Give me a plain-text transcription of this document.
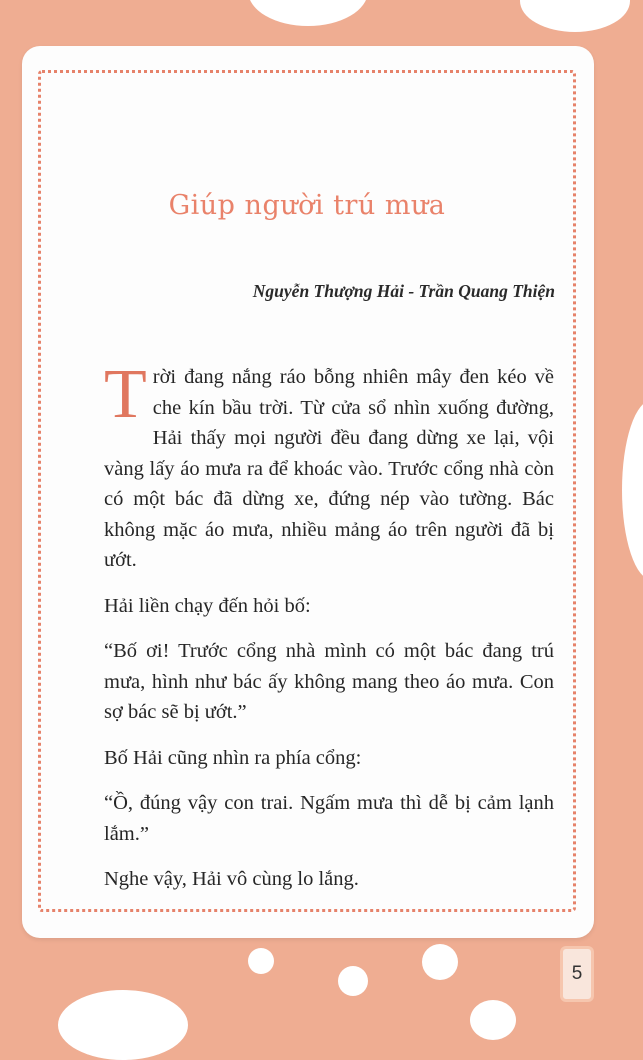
Giúp người trú mưa

Nguyễn Thượng Hải - Trần Quang Thiện

Trời đang nắng ráo bỗng nhiên mây đen kéo về che kín bầu trời. Từ cửa sổ nhìn xuống đường, Hải thấy mọi người đều đang dừng xe lại, vội vàng lấy áo mưa ra để khoác vào. Trước cổng nhà còn có một bác đã dừng xe, đứng nép vào tường. Bác không mặc áo mưa, nhiều mảng áo trên người đã bị ướt.

Hải liền chạy đến hỏi bố:

“Bố ơi! Trước cổng nhà mình có một bác đang trú mưa, hình như bác ấy không mang theo áo mưa. Con sợ bác sẽ bị ướt.”

Bố Hải cũng nhìn ra phía cổng:

“Ồ, đúng vậy con trai. Ngấm mưa thì dễ bị cảm lạnh lắm.”

Nghe vậy, Hải vô cùng lo lắng.

5
